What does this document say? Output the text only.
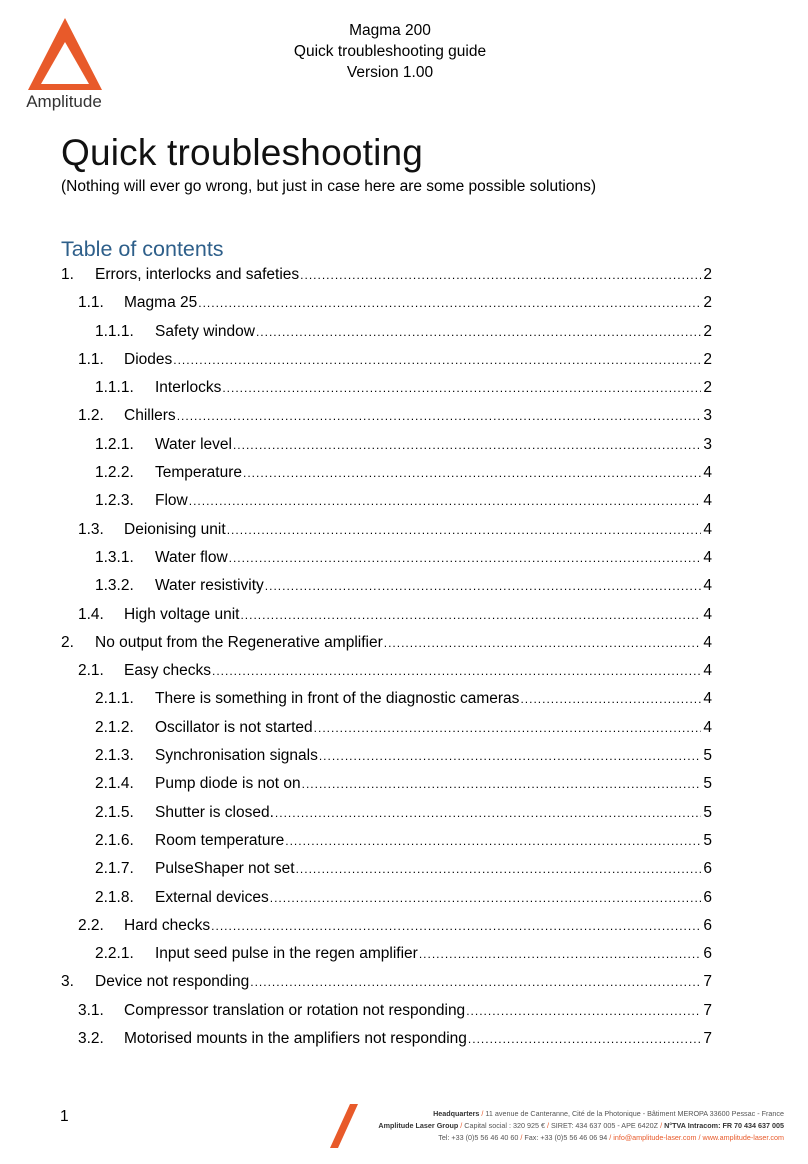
Amplitude
Magma 200
Quick troubleshooting guide
Version 1.00
Quick troubleshooting
(Nothing will ever go wrong, but just in case here are some possible solutions)
Table of contents
1.	Errors, interlocks and safeties .....	2
1.1.	Magma 25 .....	2
1.1.1.	Safety window .....	2
1.1.	Diodes .....	2
1.1.1.	Interlocks .....	2
1.2.	Chillers .....	3
1.2.1.	Water level .....	3
1.2.2.	Temperature .....	4
1.2.3.	Flow .....	4
1.3.	Deionising unit .....	4
1.3.1.	Water flow .....	4
1.3.2.	Water resistivity .....	4
1.4.	High voltage unit .....	4
2.	No output from the Regenerative amplifier .....	4
2.1.	Easy checks .....	4
2.1.1.	There is something in front of the diagnostic cameras .....	4
2.1.2.	Oscillator is not started .....	4
2.1.3.	Synchronisation signals .....	5
2.1.4.	Pump diode is not on .....	5
2.1.5.	Shutter is closed. .....	5
2.1.6.	Room temperature .....	5
2.1.7.	PulseShaper not set .....	6
2.1.8.	External devices .....	6
2.2.	Hard checks .....	6
2.2.1.	Input seed pulse in the regen amplifier .....	6
3.	Device not responding .....	7
3.1.	Compressor translation or rotation not responding .....	7
3.2.	Motorised mounts in the amplifiers not responding .....	7
1	Headquarters / 11 avenue de Canteranne, Cité de la Photonique - Bâtiment MEROPA 33600 Pessac - France
Amplitude Laser Group / Capital social : 320 925 € / SIRET: 434 637 005 - APE 6420Z / N°TVA Intracom: FR 70 434 637 005
Tel: +33 (0)5 56 46 40 60 / Fax: +33 (0)5 56 46 06 94 / info@amplitude-laser.com / www.amplitude-laser.com
